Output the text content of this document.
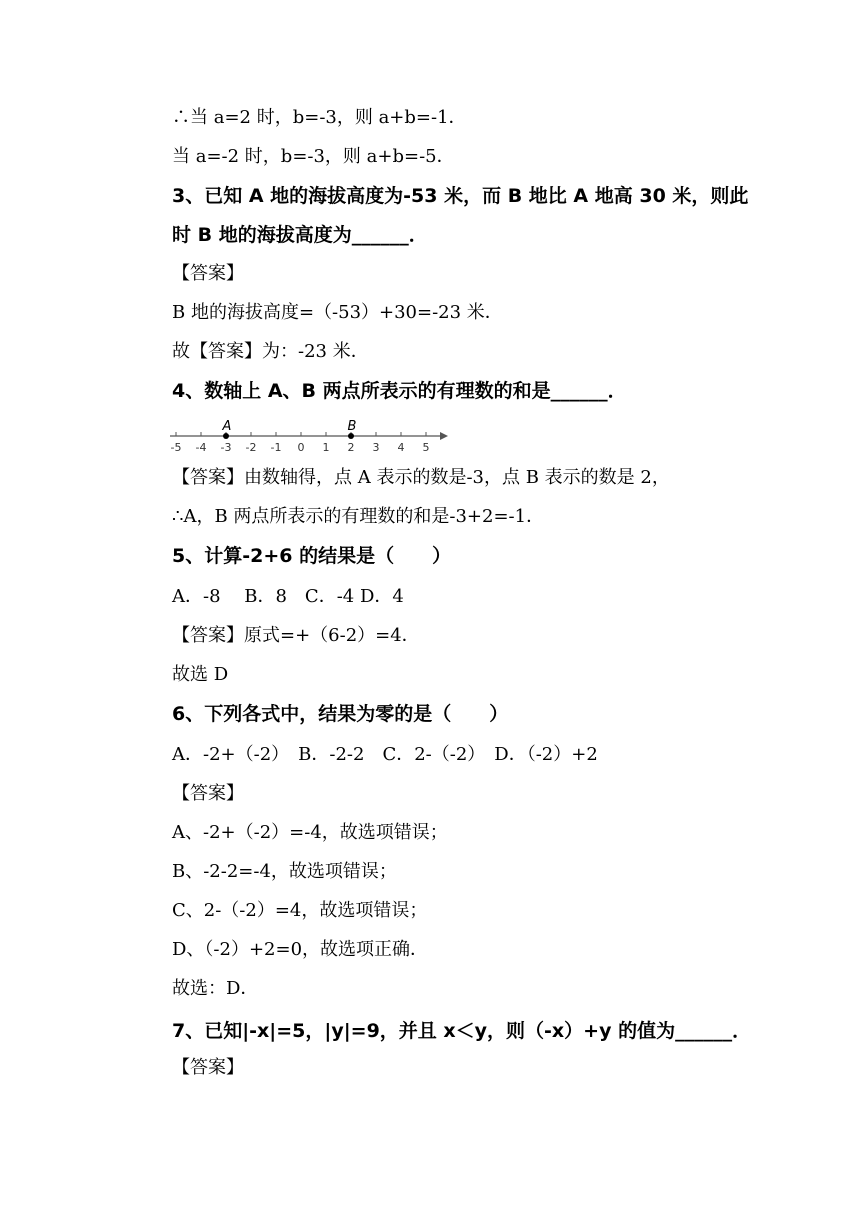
∴当 a=2 时，b=-3，则 a+b=-1．
当 a=-2 时，b=-3，则 a+b=-5．
3、已知 A 地的海拔高度为-53 米，而 B 地比 A 地高 30 米，则此
时 B 地的海拔高度为______．
【答案】
B 地的海拔高度=（-53）+30=-23 米．
故【答案】为：-23 米．
4、数轴上 A、B 两点所表示的有理数的和是______．
-5 -4 -3 -2 -1 0 1 2 3 4 5
A	B
【答案】由数轴得，点 A 表示的数是-3，点 B 表示的数是 2，
∴A，B 两点所表示的有理数的和是-3+2=-1．
5、计算-2+6 的结果是（　　）
A．-8　 B．8　C．-4 D．4
【答案】原式=+（6-2）=4．
故选 D
6、下列各式中，结果为零的是（　　）
A．-2+（-2）　B．-2-2　C．2-（-2）　D．（-2）+2
【答案】
A、-2+（-2）=-4，故选项错误；
B、-2-2=-4，故选项错误；
C、2-（-2）=4，故选项错误；
D、（-2）+2=0，故选项正确．
故选：D．
7、已知|-x|=5，|y|=9，并且 x＜y，则（-x）+y 的值为______．
【答案】
